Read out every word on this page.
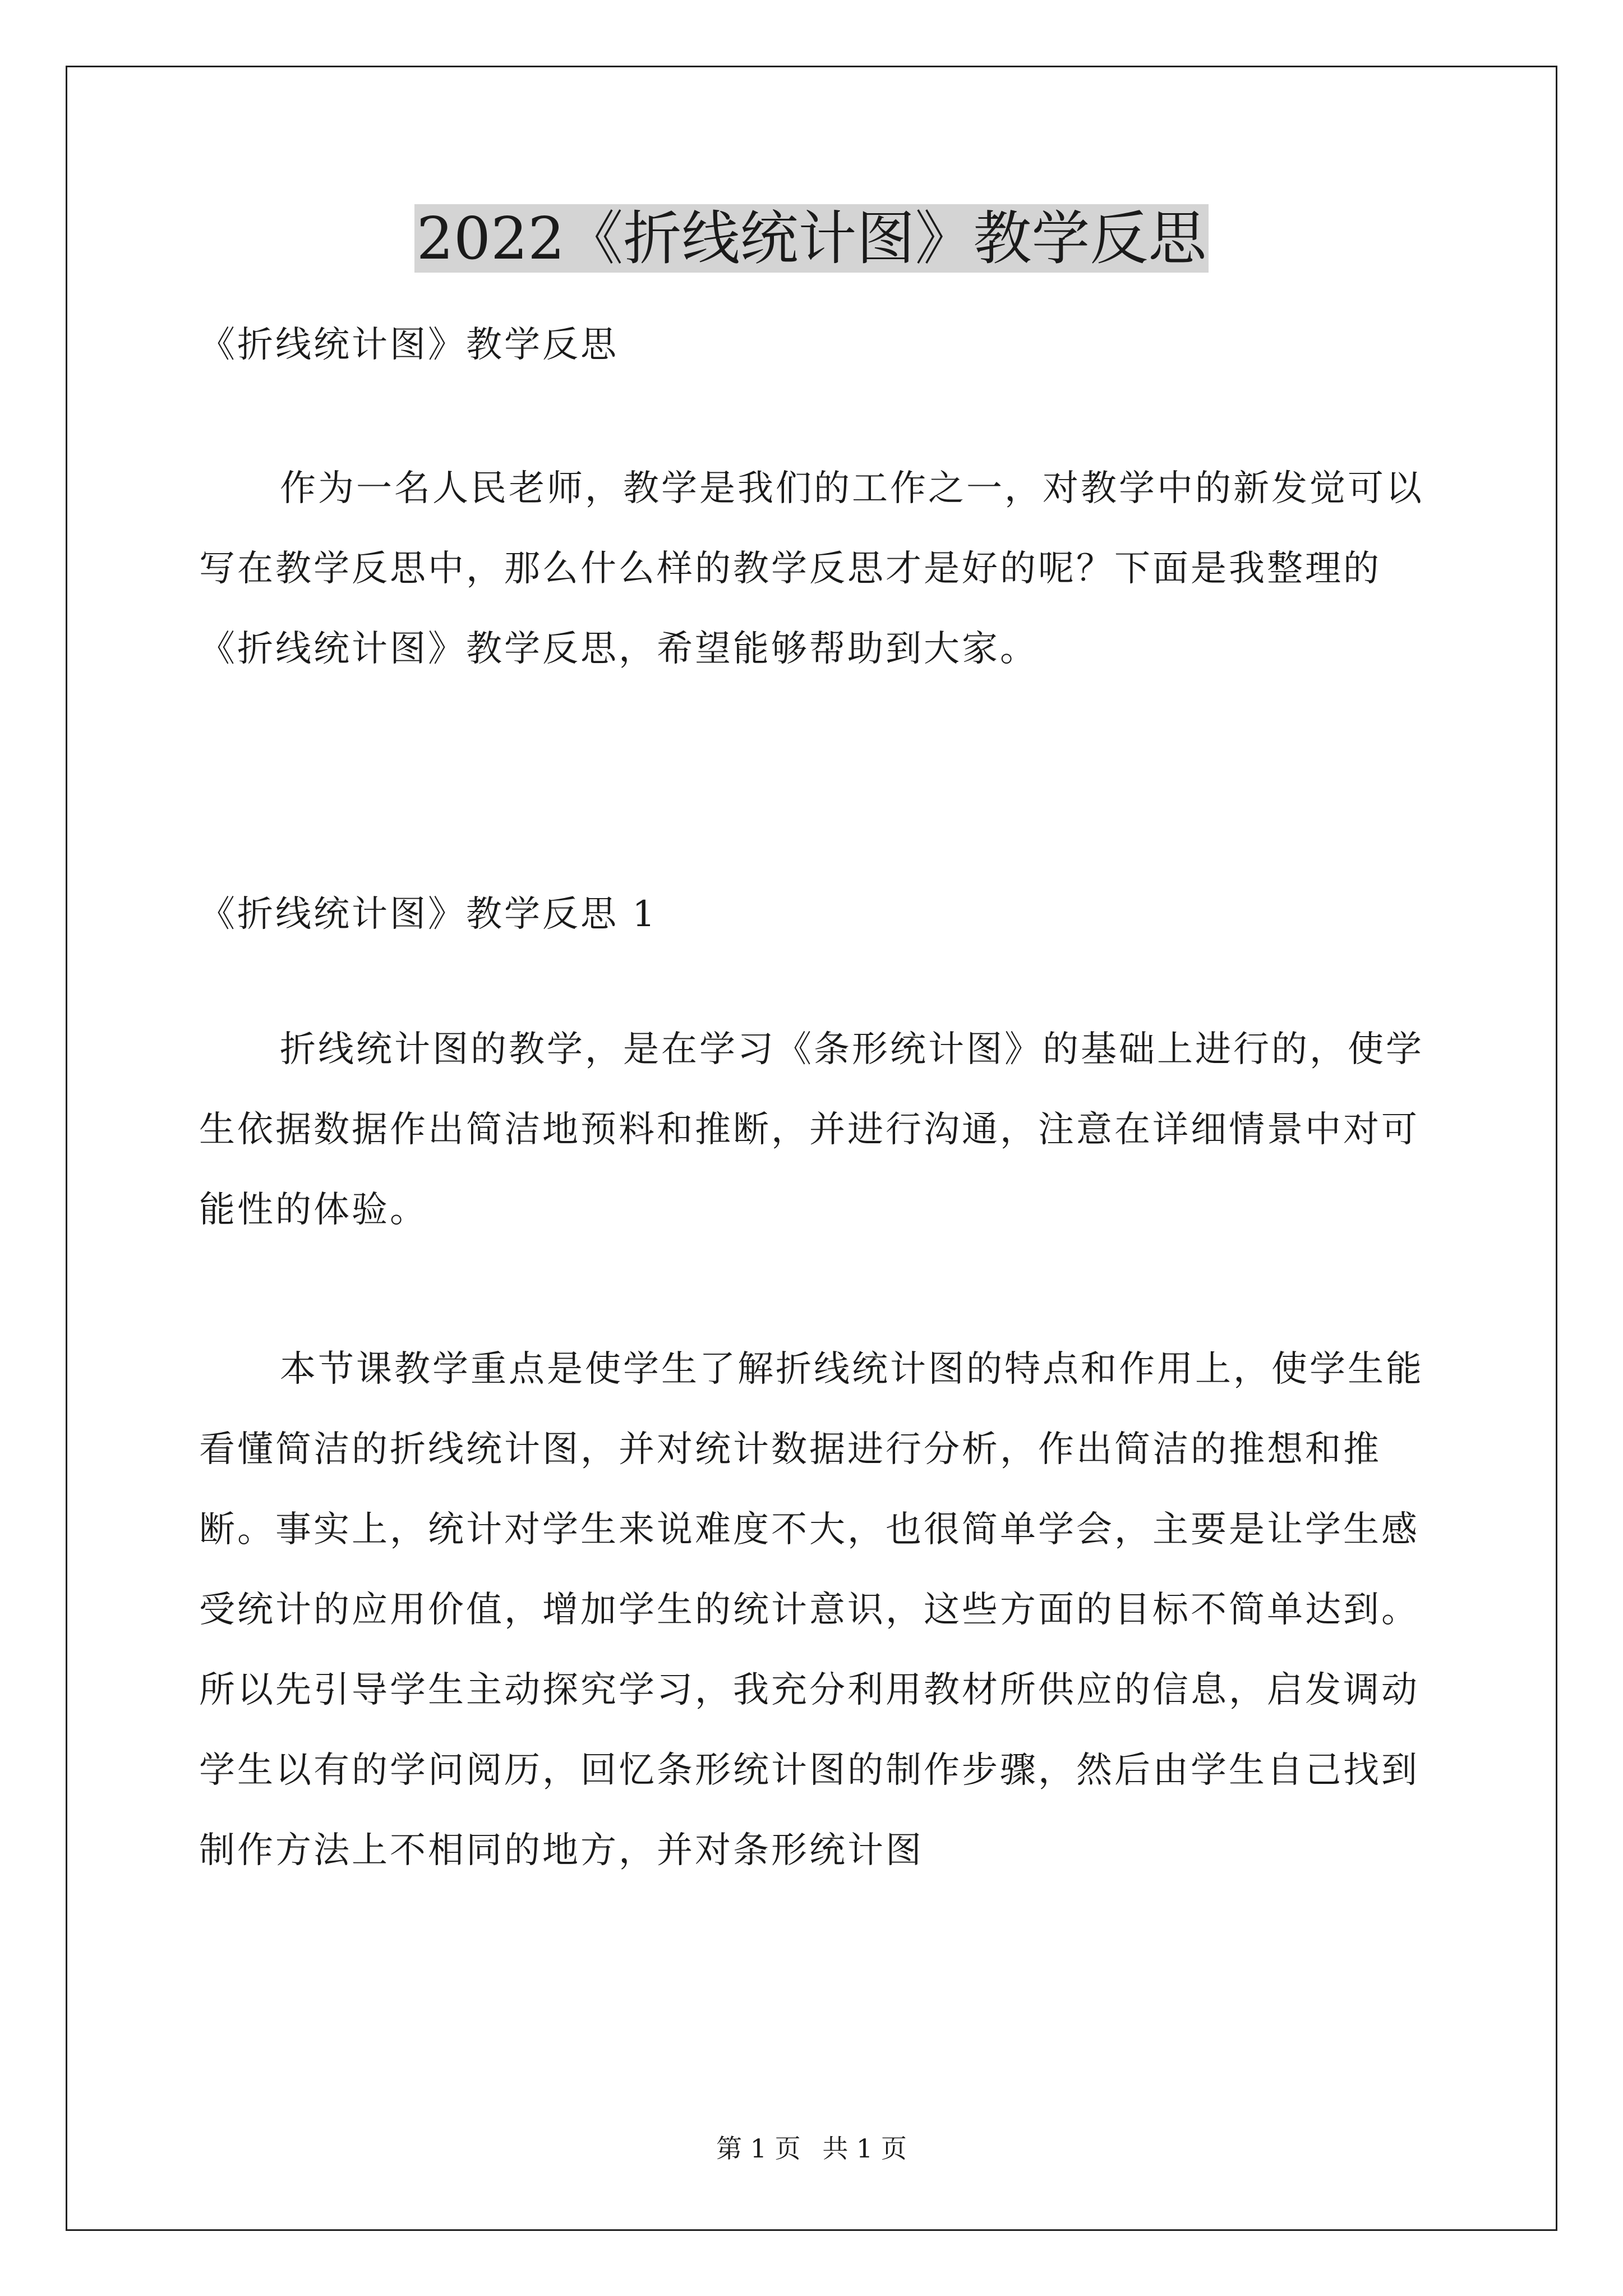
2022《折线统计图》教学反思

《折线统计图》教学反思

作为一名人民老师，教学是我们的工作之一，对教学中的新发觉可以写在教学反思中，那么什么样的教学反思才是好的呢？下面是我整理的《折线统计图》教学反思，希望能够帮助到大家。

《折线统计图》教学反思 1

折线统计图的教学，是在学习《条形统计图》的基础上进行的，使学生依据数据作出简洁地预料和推断，并进行沟通，注意在详细情景中对可能性的体验。

本节课教学重点是使学生了解折线统计图的特点和作用上，使学生能看懂简洁的折线统计图，并对统计数据进行分析，作出简洁的推想和推断。事实上，统计对学生来说难度不大，也很简单学会，主要是让学生感受统计的应用价值，增加学生的统计意识，这些方面的目标不简单达到。所以先引导学生主动探究学习，我充分利用教材所供应的信息，启发调动学生以有的学问阅历，回忆条形统计图的制作步骤，然后由学生自己找到制作方法上不相同的地方，并对条形统计图

第 1 页 共 1 页
